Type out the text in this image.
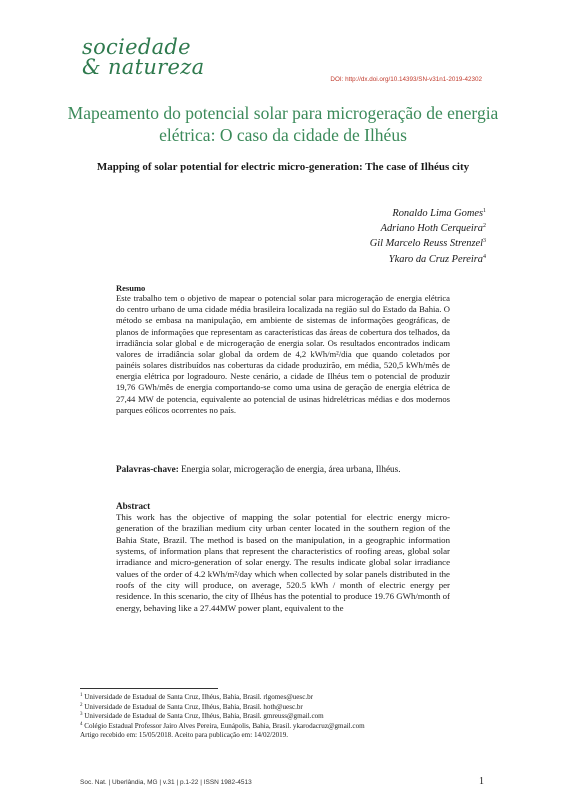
sociedade
& natureza
DOI: http://dx.doi.org/10.14393/SN-v31n1-2019-42302
Mapeamento do potencial solar para microgeração de energia elétrica: O caso da cidade de Ilhéus
Mapping of solar potential for electric micro-generation: The case of Ilhéus city
Ronaldo Lima Gomes$^1$
Adriano Hoth Cerqueira$^2$
Gil Marcelo Reuss Strenzel$^3$
Ykaro da Cruz Pereira$^4$
Resumo
Este trabalho tem o objetivo de mapear o potencial solar para microgeração de energia elétrica do centro urbano de uma cidade média brasileira localizada na região sul do Estado da Bahia. O método se embasa na manipulação, em ambiente de sistemas de informações geográficas, de planos de informações que representam as características das áreas de cobertura dos telhados, da irradiância solar global e de microgeração de energia solar. Os resultados encontrados indicam valores de irradiância solar global da ordem de 4,2 kWh/m²/dia que quando coletados por painéis solares distribuídos nas coberturas da cidade produzirão, em média, 520,5 kWh/mês de energia elétrica por logradouro. Neste cenário, a cidade de Ilhéus tem o potencial de produzir 19,76 GWh/mês de energia comportando-se como uma usina de geração de energia elétrica de 27,44 MW de potencia, equivalente ao potencial de usinas hidrelétricas médias e dos modernos parques eólicos ocorrentes no país.
Palavras-chave: Energia solar, microgeração de energia, área urbana, Ilhéus.
Abstract
This work has the objective of mapping the solar potential for electric energy micro-generation of the brazilian medium city urban center located in the southern region of the Bahia State, Brazil. The method is based on the manipulation, in a geographic information systems, of information plans that represent the characteristics of roofing areas, global solar irradiance and micro-generation of solar energy. The results indicate global solar irradiance values of the order of 4.2 kWh/m²/day which when collected by solar panels distributed in the roofs of the city will produce, on average, 520.5 kWh / month of electric energy per residence. In this scenario, the city of Ilhéus has the potential to produce 19.76 GWh/month of energy, behaving like a 27.44MW power plant, equivalent to the
$^1$ Universidade de Estadual de Santa Cruz, Ilhéus, Bahia, Brasil. rlgomes@uesc.br
$^2$ Universidade de Estadual de Santa Cruz, Ilhéus, Bahia, Brasil. hoth@uesc.br
$^3$ Universidade de Estadual de Santa Cruz, Ilhéus, Bahia, Brasil. gmreuss@gmail.com
$^4$ Colégio Estadual Professor Jairo Alves Pereira, Eunápolis, Bahia, Brasil. ykarodacruz@gmail.com
Artigo recebido em: 15/05/2018. Aceito para publicação em: 14/02/2019.
Soc. Nat. | Uberlândia, MG | v.31 | p.1-22 | ISSN 1982-4513	1
